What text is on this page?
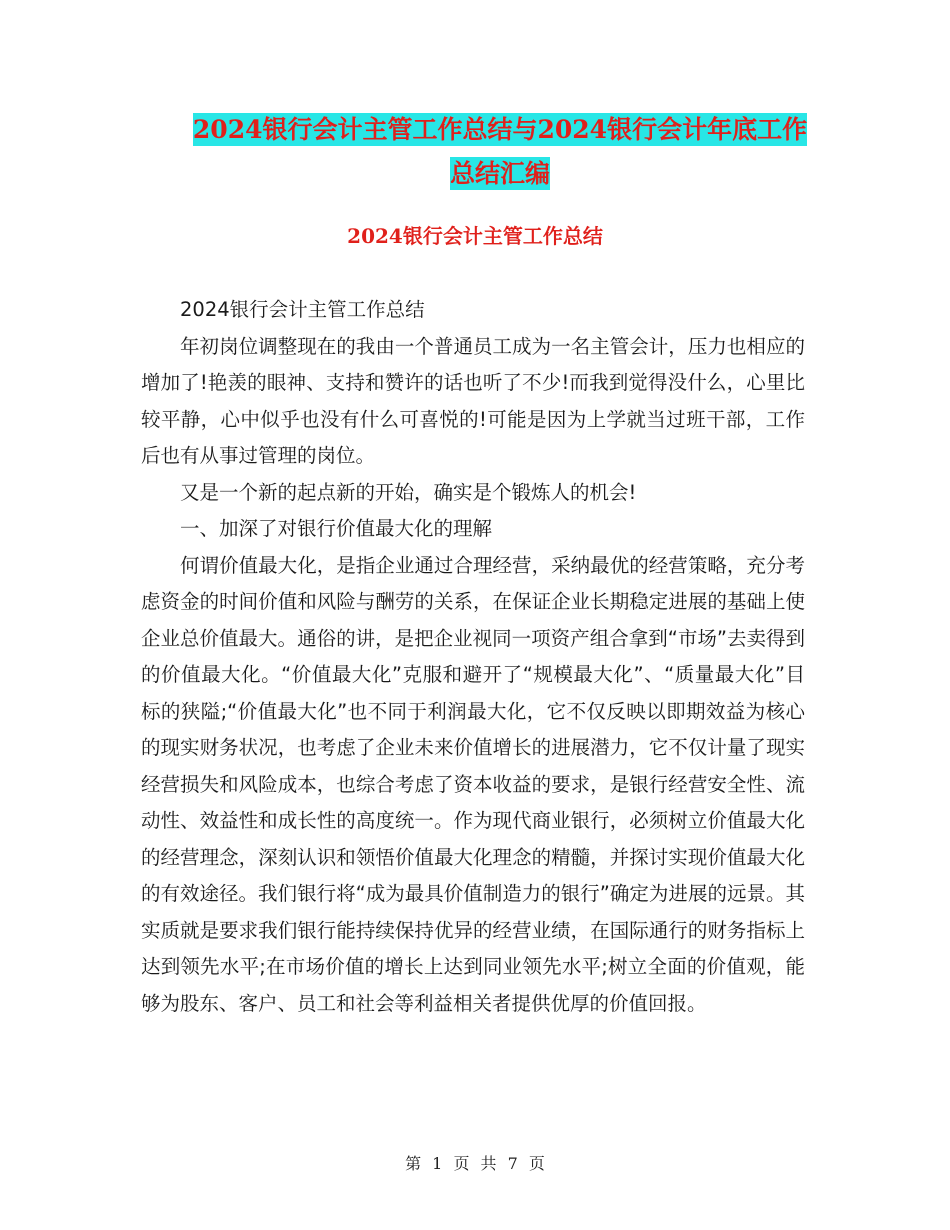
2024银行会计主管工作总结与2024银行会计年底工作
总结汇编
2024银行会计主管工作总结

2024银行会计主管工作总结

年初岗位调整现在的我由一个普通员工成为一名主管会计，压力也相应的增加了!艳羡的眼神、支持和赞许的话也听了不少!而我到觉得没什么，心里比较平静，心中似乎也没有什么可喜悦的!可能是因为上学就当过班干部，工作后也有从事过管理的岗位。

又是一个新的起点新的开始，确实是个锻炼人的机会!

一、加深了对银行价值最大化的理解

何谓价值最大化，是指企业通过合理经营，采纳最优的经营策略，充分考虑资金的时间价值和风险与酬劳的关系，在保证企业长期稳定进展的基础上使企业总价值最大。通俗的讲，是把企业视同一项资产组合拿到“市场”去卖得到的价值最大化。“价值最大化”克服和避开了“规模最大化”、“质量最大化”目标的狭隘;“价值最大化”也不同于利润最大化，它不仅反映以即期效益为核心的现实财务状况，也考虑了企业未来价值增长的进展潜力，它不仅计量了现实经营损失和风险成本，也综合考虑了资本收益的要求，是银行经营安全性、流动性、效益性和成长性的高度统一。作为现代商业银行，必须树立价值最大化的经营理念，深刻认识和领悟价值最大化理念的精髓，并探讨实现价值最大化的有效途径。我们银行将“成为最具价值制造力的银行”确定为进展的远景。其实质就是要求我们银行能持续保持优异的经营业绩，在国际通行的财务指标上达到领先水平;在市场价值的增长上达到同业领先水平;树立全面的价值观，能够为股东、客户、员工和社会等利益相关者提供优厚的价值回报。

第 1 页 共 7 页
